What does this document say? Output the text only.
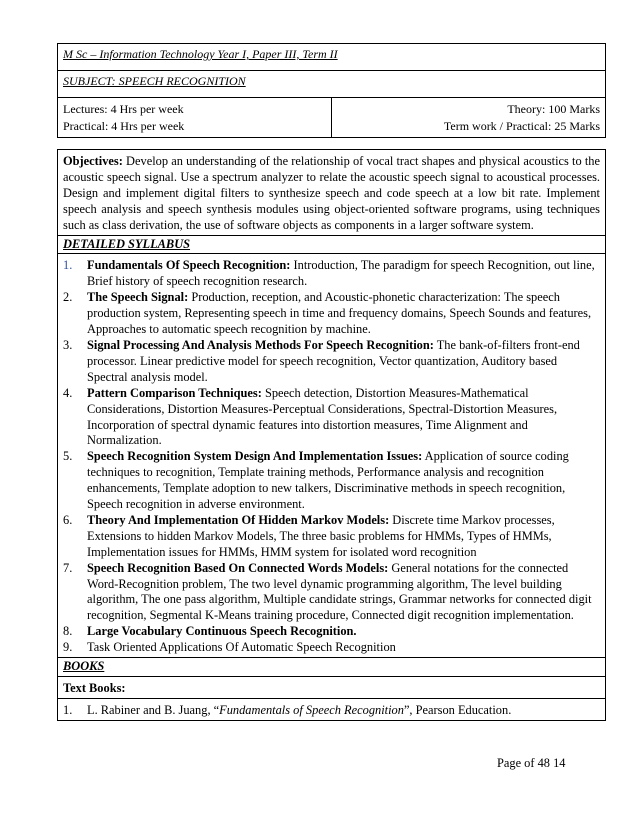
M Sc – Information Technology Year I, Paper III, Term II
SUBJECT: SPEECH RECOGNITION

Lectures: 4 Hrs per week
Practical: 4 Hrs per week

Theory: 100 Marks
Term work / Practical: 25 Marks
Objectives: Develop an understanding of the relationship of vocal tract shapes and physical acoustics to the acoustic speech signal. Use a spectrum analyzer to relate the acoustic speech signal to acoustical processes. Design and implement digital filters to synthesize speech and code speech at a low bit rate. Implement speech analysis and speech synthesis modules using object-oriented software programs, using techniques such as class derivation, the use of software objects as components in a larger software system.
DETAILED SYLLABUS

1.	Fundamentals Of Speech Recognition: Introduction, The paradigm for speech Recognition, out line, Brief history of speech recognition research.
2.	The Speech Signal: Production, reception, and Acoustic-phonetic characterization: The speech production system, Representing speech in time and frequency domains, Speech Sounds and features, Approaches to automatic speech recognition by machine.
3.	Signal Processing And Analysis Methods For Speech Recognition: The bank-of-filters front-end processor. Linear predictive model for speech recognition, Vector quantization, Auditory based Spectral analysis model.
4.	Pattern Comparison Techniques: Speech detection, Distortion Measures-Mathematical Considerations, Distortion Measures-Perceptual Considerations, Spectral-Distortion Measures, Incorporation of spectral dynamic features into distortion measures, Time Alignment and Normalization.
5.	Speech Recognition System Design And Implementation Issues: Application of source coding techniques to recognition, Template training methods, Performance analysis and recognition enhancements, Template adoption to new talkers, Discriminative methods in speech recognition, Speech recognition in adverse environment.
6.	Theory And Implementation Of Hidden Markov Models: Discrete time Markov processes, Extensions to hidden Markov Models, The three basic problems for HMMs, Types of HMMs, Implementation issues for HMMs, HMM system for isolated word recognition
7.	Speech Recognition Based On Connected Words Models: General notations for the connected Word-Recognition problem, The two level dynamic programming algorithm, The level building algorithm, The one pass algorithm, Multiple candidate strings, Grammar networks for connected digit recognition, Segmental K-Means training procedure, Connected digit recognition implementation.
8.	Large Vocabulary Continuous Speech Recognition.
9.	Task Oriented Applications Of Automatic Speech Recognition

BOOKS
Text Books:

1.	L. Rabiner and B. Juang, “Fundamentals of Speech Recognition”, Pearson Education.
Page of 48 14
